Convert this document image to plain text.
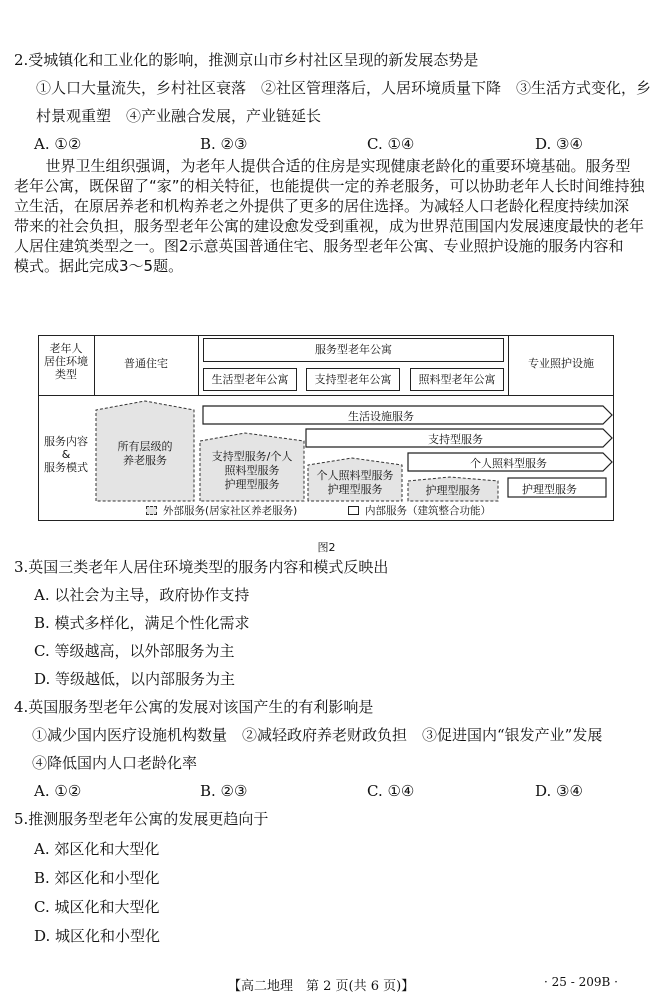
2.受城镇化和工业化的影响，推测京山市乡村社区呈现的新发展态势是
①人口大量流失，乡村社区衰落　②社区管理落后，人居环境质量下降　③生活方式变化，乡
村景观重塑　④产业融合发展，产业链延长
A. ①②	B. ②③	C. ①④	D. ③④
世界卫生组织强调，为老年人提供合适的住房是实现健康老龄化的重要环境基础。服务型
老年公寓，既保留了“家”的相关特征，也能提供一定的养老服务，可以协助老年人长时间维持独
立生活，在原居养老和机构养老之外提供了更多的居住选择。为减轻人口老龄化程度持续加深
带来的社会负担，服务型老年公寓的建设愈发受到重视，成为世界范围国内发展速度最快的老年
人居住建筑类型之一。图2示意英国普通住宅、服务型老年公寓、专业照护设施的服务内容和
模式。据此完成3～5题。
老年人
居住环境
类型
普通住宅
服务型老年公寓
生活型老年公寓	支持型老年公寓	照料型老年公寓
专业照护设施
服务内容
&
服务模式
所有层级的
养老服务	支持型服务/个人
照料型服务
护理型服务
个人照料型服务
护理型服务	护理型服务
生活设施服务
支持型服务
个人照料型服务
护理型服务
外部服务(居家社区养老服务)	内部服务（建筑整合功能）
图2
3.英国三类老年人居住环境类型的服务内容和模式反映出
A. 以社会为主导，政府协作支持
B. 模式多样化，满足个性化需求
C. 等级越高，以外部服务为主
D. 等级越低，以内部服务为主
4.英国服务型老年公寓的发展对该国产生的有利影响是
①减少国内医疗设施机构数量　②减轻政府养老财政负担　③促进国内“银发产业”发展
④降低国内人口老龄化率
A. ①②	B. ②③	C. ①④	D. ③④
5.推测服务型老年公寓的发展更趋向于
A. 郊区化和大型化
B. 郊区化和小型化
C. 城区化和大型化
D. 城区化和小型化
【高二地理　第 2 页(共 6 页)】	· 25 - 209B ·
